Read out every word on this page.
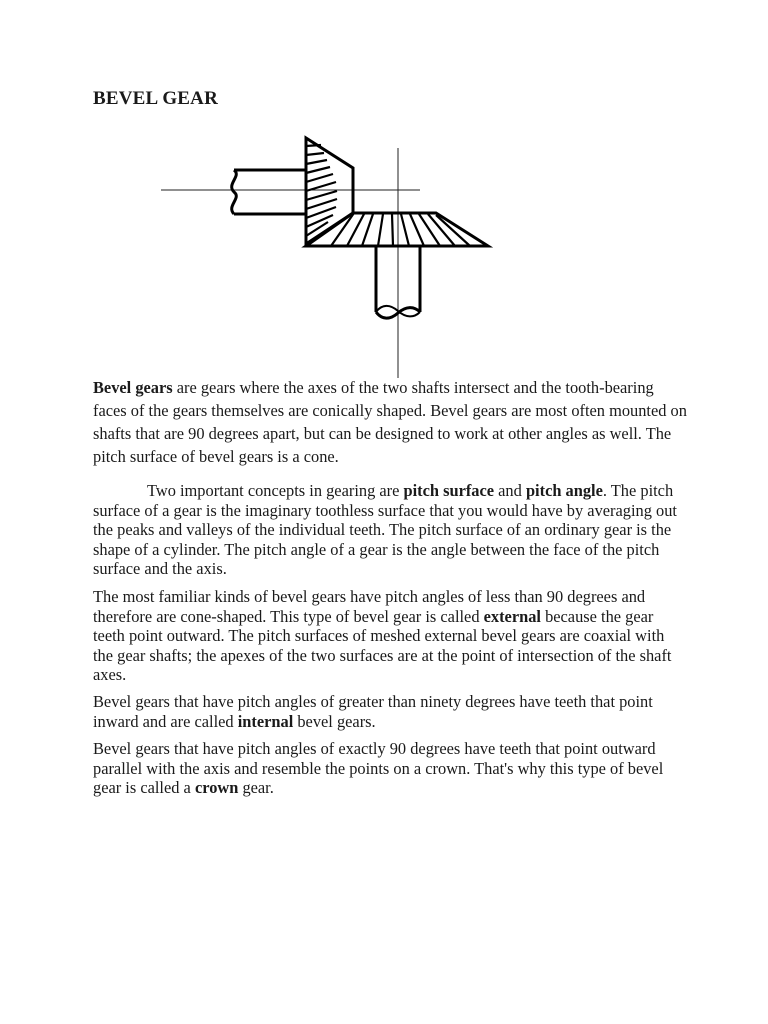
BEVEL GEAR

Bevel gears are gears where the axes of the two shafts intersect and the tooth-bearing faces of the gears themselves are conically shaped. Bevel gears are most often mounted on shafts that are 90 degrees apart, but can be designed to work at other angles as well. The pitch surface of bevel gears is a cone.

Two important concepts in gearing are pitch surface and pitch angle. The pitch surface of a gear is the imaginary toothless surface that you would have by averaging out the peaks and valleys of the individual teeth. The pitch surface of an ordinary gear is the shape of a cylinder. The pitch angle of a gear is the angle between the face of the pitch surface and the axis.

The most familiar kinds of bevel gears have pitch angles of less than 90 degrees and therefore are cone-shaped. This type of bevel gear is called external because the gear teeth point outward. The pitch surfaces of meshed external bevel gears are coaxial with the gear shafts; the apexes of the two surfaces are at the point of intersection of the shaft axes.

Bevel gears that have pitch angles of greater than ninety degrees have teeth that point inward and are called internal bevel gears.

Bevel gears that have pitch angles of exactly 90 degrees have teeth that point outward parallel with the axis and resemble the points on a crown. That's why this type of bevel gear is called a crown gear.
